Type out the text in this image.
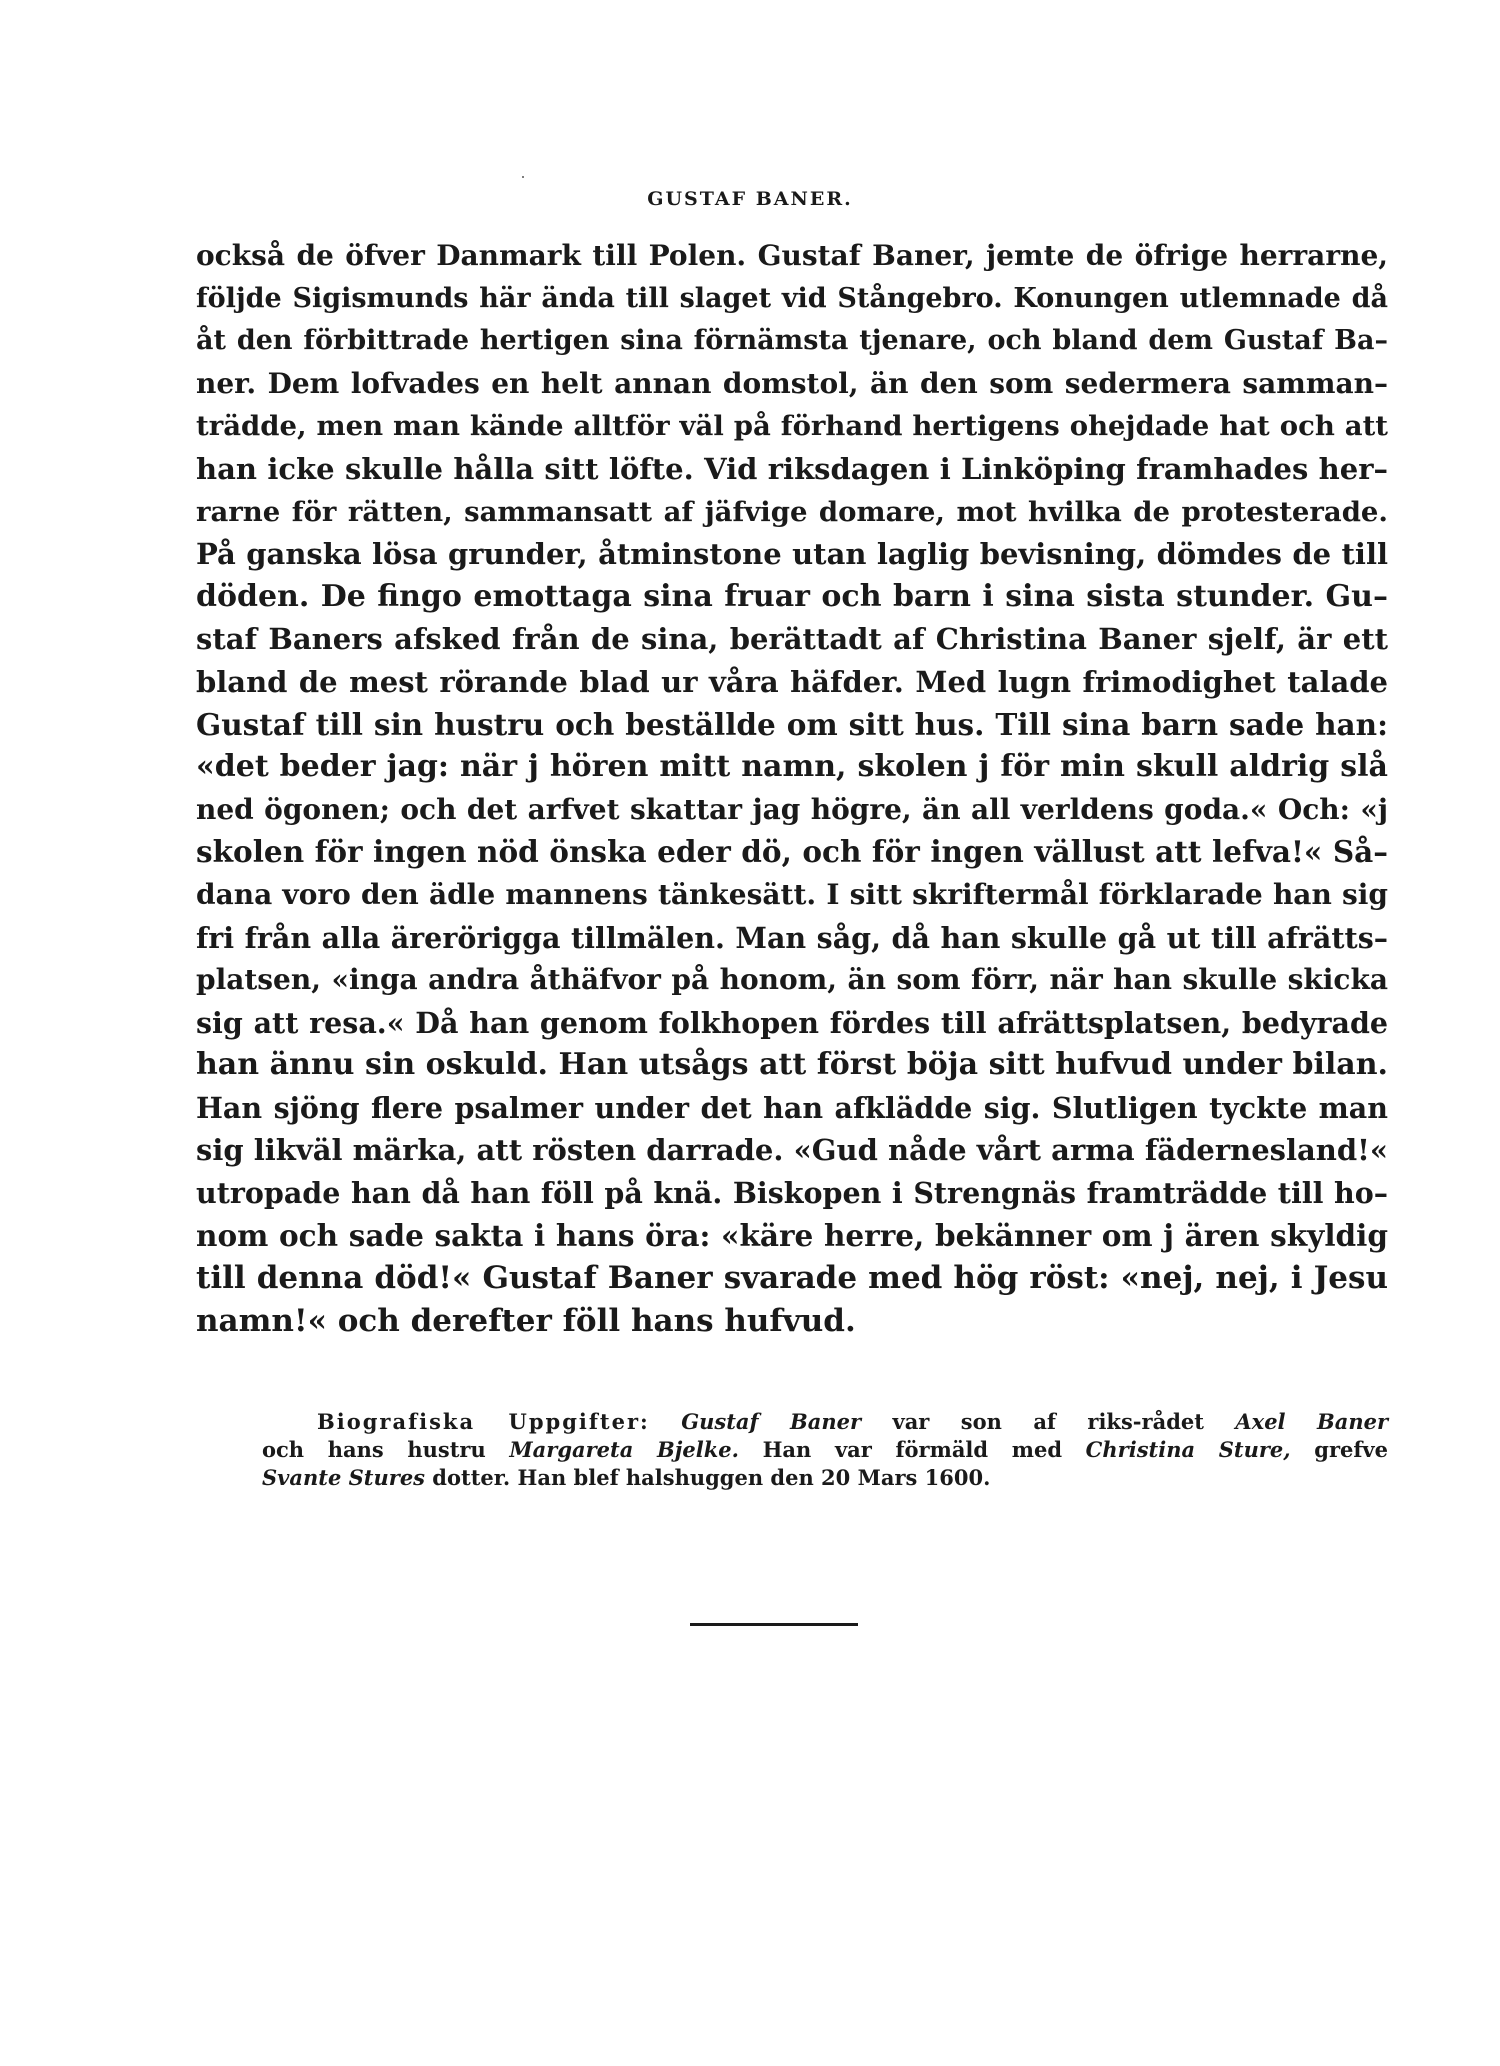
GUSTAF BANER.
också de öfver Danmark till Polen. Gustaf Baner, jemte de öfrige herrarne,
följde Sigismunds här ända till slaget vid Stångebro. Konungen utlemnade då
åt den förbittrade hertigen sina förnämsta tjenare, och bland dem Gustaf Ba–
ner. Dem lofvades en helt annan domstol, än den som sedermera samman–
trädde, men man kände alltför väl på förhand hertigens ohejdade hat och att
han icke skulle hålla sitt löfte. Vid riksdagen i Linköping framhades her–
rarne för rätten, sammansatt af jäfvige domare, mot hvilka de protesterade.
På ganska lösa grunder, åtminstone utan laglig bevisning, dömdes de till
döden. De fingo emottaga sina fruar och barn i sina sista stunder. Gu–
staf Baners afsked från de sina, berättadt af Christina Baner sjelf, är ett
bland de mest rörande blad ur våra häfder. Med lugn frimodighet talade
Gustaf till sin hustru och beställde om sitt hus. Till sina barn sade han:
«det beder jag: när j hören mitt namn, skolen j för min skull aldrig slå
ned ögonen; och det arfvet skattar jag högre, än all verldens goda.« Och: «j
skolen för ingen nöd önska eder dö, och för ingen vällust att lefva!« Så–
dana voro den ädle mannens tänkesätt. I sitt skriftermål förklarade han sig
fri från alla ärerörigga tillmälen. Man såg, då han skulle gå ut till afrätts–
platsen, «inga andra åthäfvor på honom, än som förr, när han skulle skicka
sig att resa.« Då han genom folkhopen fördes till afrättsplatsen, bedyrade
han ännu sin oskuld. Han utsågs att först böja sitt hufvud under bilan.
Han sjöng flere psalmer under det han afklädde sig. Slutligen tyckte man
sig likväl märka, att rösten darrade. «Gud nåde vårt arma fädernesland!«
utropade han då han föll på knä. Biskopen i Strengnäs framträdde till ho–
nom och sade sakta i hans öra: «käre herre, bekänner om j ären skyldig
till denna död!« Gustaf Baner svarade med hög röst: «nej, nej, i Jesu
namn!« och derefter föll hans hufvud.
Biografiska Uppgifter: Gustaf Baner var son af riks-rådet Axel Baner
och hans hustru Margareta Bjelke. Han var förmäld med Christina Sture, grefve
Svante Stures dotter. Han blef halshuggen den 20 Mars 1600.
